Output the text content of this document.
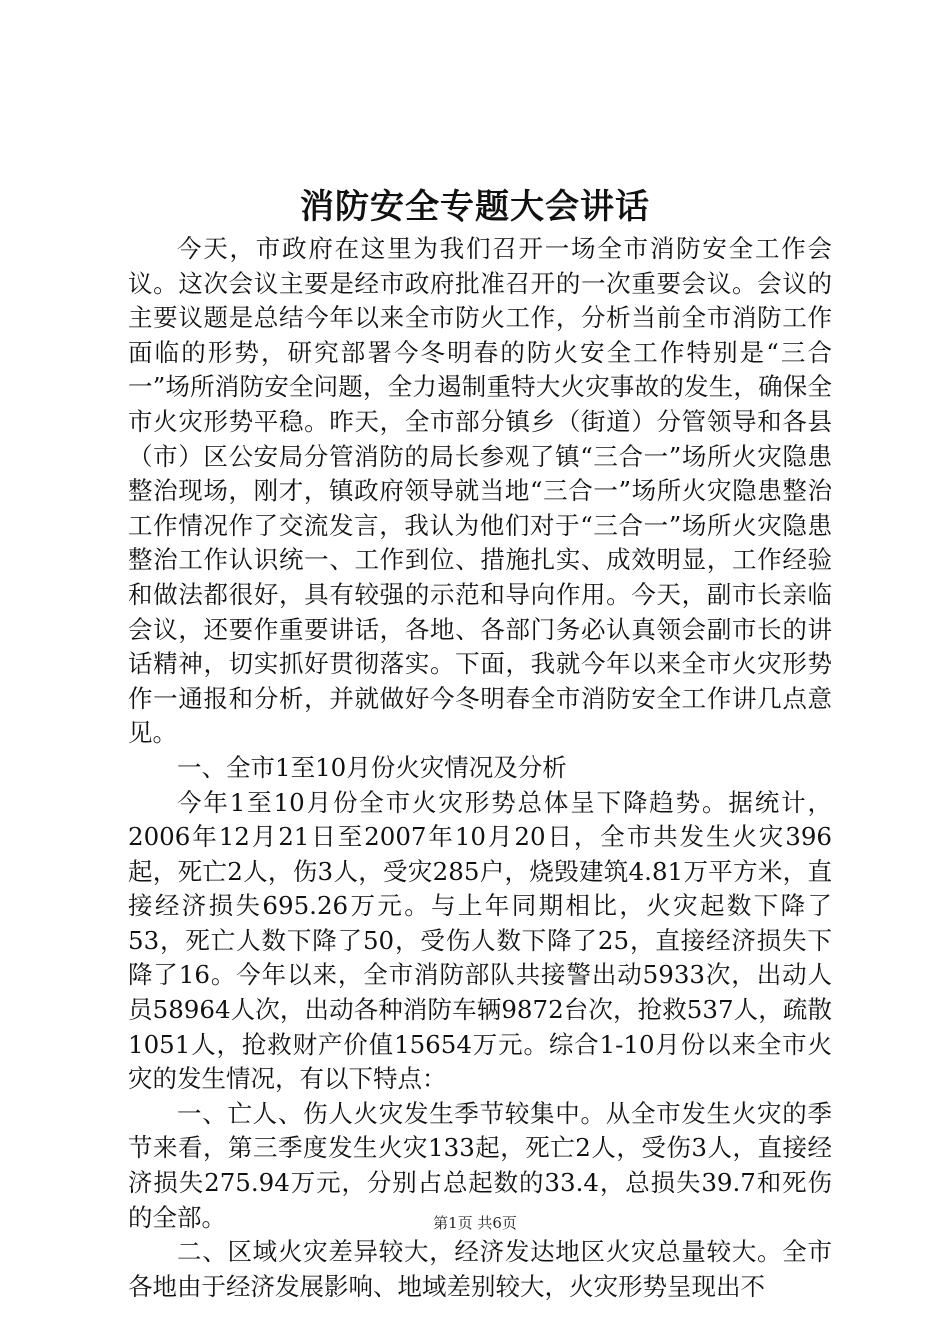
消防安全专题大会讲话

今天，市政府在这里为我们召开一场全市消防安全工作会议。这次会议主要是经市政府批准召开的一次重要会议。会议的主要议题是总结今年以来全市防火工作，分析当前全市消防工作面临的形势，研究部署今冬明春的防火安全工作特别是“三合一”场所消防安全问题，全力遏制重特大火灾事故的发生，确保全市火灾形势平稳。昨天，全市部分镇乡（街道）分管领导和各县（市）区公安局分管消防的局长参观了镇“三合一”场所火灾隐患整治现场，刚才，镇政府领导就当地“三合一”场所火灾隐患整治工作情况作了交流发言，我认为他们对于“三合一”场所火灾隐患整治工作认识统一、工作到位、措施扎实、成效明显，工作经验和做法都很好，具有较强的示范和导向作用。今天，副市长亲临会议，还要作重要讲话，各地、各部门务必认真领会副市长的讲话精神，切实抓好贯彻落实。下面，我就今年以来全市火灾形势作一通报和分析，并就做好今冬明春全市消防安全工作讲几点意见。

一、全市1至10月份火灾情况及分析

今年1至10月份全市火灾形势总体呈下降趋势。据统计，2006年12月21日至2007年10月20日，全市共发生火灾396起，死亡2人，伤3人，受灾285户，烧毁建筑4.81万平方米，直接经济损失695.26万元。与上年同期相比，火灾起数下降了53，死亡人数下降了50，受伤人数下降了25，直接经济损失下降了16。今年以来，全市消防部队共接警出动5933次，出动人员58964人次，出动各种消防车辆9872台次，抢救537人，疏散1051人，抢救财产价值15654万元。综合1-10月份以来全市火灾的发生情况，有以下特点：

一、亡人、伤人火灾发生季节较集中。从全市发生火灾的季节来看，第三季度发生火灾133起，死亡2人，受伤3人，直接经济损失275.94万元，分别占总起数的33.4，总损失39.7和死伤的全部。

二、区域火灾差异较大，经济发达地区火灾总量较大。全市各地由于经济发展影响、地域差别较大，火灾形势呈现出不

第1页 共6页
